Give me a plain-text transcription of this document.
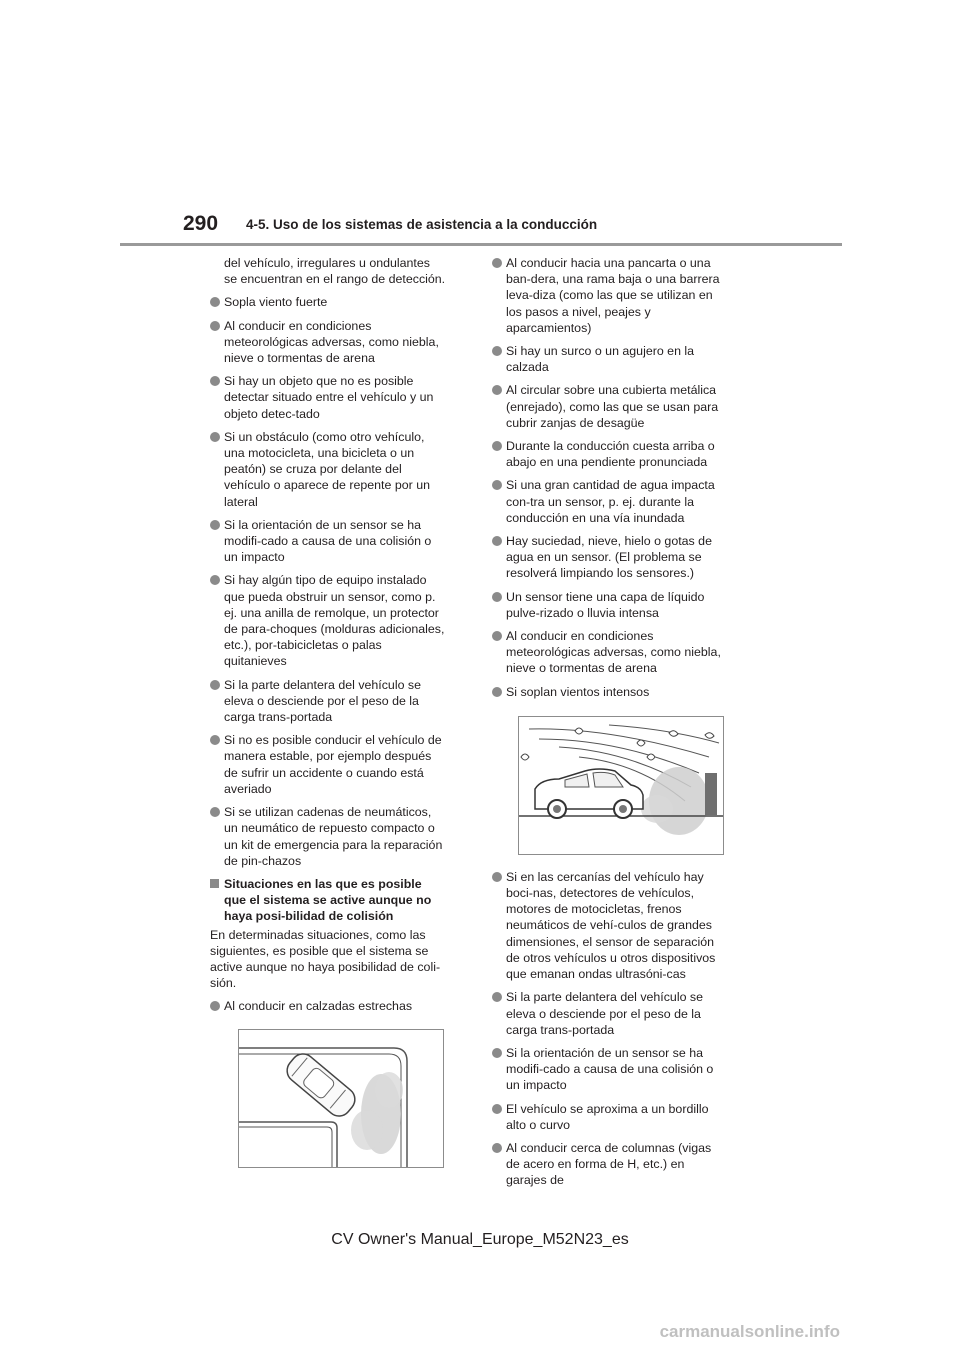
290 4-5. Uso de los sistemas de asistencia a la conducción
del vehículo, irregulares u ondulantes se encuentran en el rango de detección.
Sopla viento fuerte
Al conducir en condiciones meteorológicas adversas, como niebla, nieve o tormentas de arena
Si hay un objeto que no es posible detectar situado entre el vehículo y un objeto detec-tado
Si un obstáculo (como otro vehículo, una motocicleta, una bicicleta o un peatón) se cruza por delante del vehículo o aparece de repente por un lateral
Si la orientación de un sensor se ha modifi-cado a causa de una colisión o un impacto
Si hay algún tipo de equipo instalado que pueda obstruir un sensor, como p. ej. una anilla de remolque, un protector de para-choques (molduras adicionales, etc.), por-tabicicletas o palas quitanieves
Si la parte delantera del vehículo se eleva o desciende por el peso de la carga trans-portada
Si no es posible conducir el vehículo de manera estable, por ejemplo después de sufrir un accidente o cuando está averiado
Si se utilizan cadenas de neumáticos, un neumático de repuesto compacto o un kit de emergencia para la reparación de pin-chazos
Situaciones en las que es posible que el sistema se active aunque no haya posi-bilidad de colisión
En determinadas situaciones, como las siguientes, es posible que el sistema se active aunque no haya posibilidad de coli-sión.
Al conducir en calzadas estrechas
Al conducir hacia una pancarta o una ban-dera, una rama baja o una barrera leva-diza (como las que se utilizan en los pasos a nivel, peajes y aparcamientos)
Si hay un surco o un agujero en la calzada
Al circular sobre una cubierta metálica (enrejado), como las que se usan para cubrir zanjas de desagüe
Durante la conducción cuesta arriba o abajo en una pendiente pronunciada
Si una gran cantidad de agua impacta con-tra un sensor, p. ej. durante la conducción en una vía inundada
Hay suciedad, nieve, hielo o gotas de agua en un sensor. (El problema se resolverá limpiando los sensores.)
Un sensor tiene una capa de líquido pulve-rizado o lluvia intensa
Al conducir en condiciones meteorológicas adversas, como niebla, nieve o tormentas de arena
Si soplan vientos intensos
Si en las cercanías del vehículo hay boci-nas, detectores de vehículos, motores de motocicletas, frenos neumáticos de vehí-culos de grandes dimensiones, el sensor de separación de otros vehículos u otros dispositivos que emanan ondas ultrasóni-cas
Si la parte delantera del vehículo se eleva o desciende por el peso de la carga trans-portada
Si la orientación de un sensor se ha modifi-cado a causa de una colisión o un impacto
El vehículo se aproxima a un bordillo alto o curvo
Al conducir cerca de columnas (vigas de acero en forma de H, etc.) en garajes de
CV Owner's Manual_Europe_M52N23_es
carmanualsonline.info
